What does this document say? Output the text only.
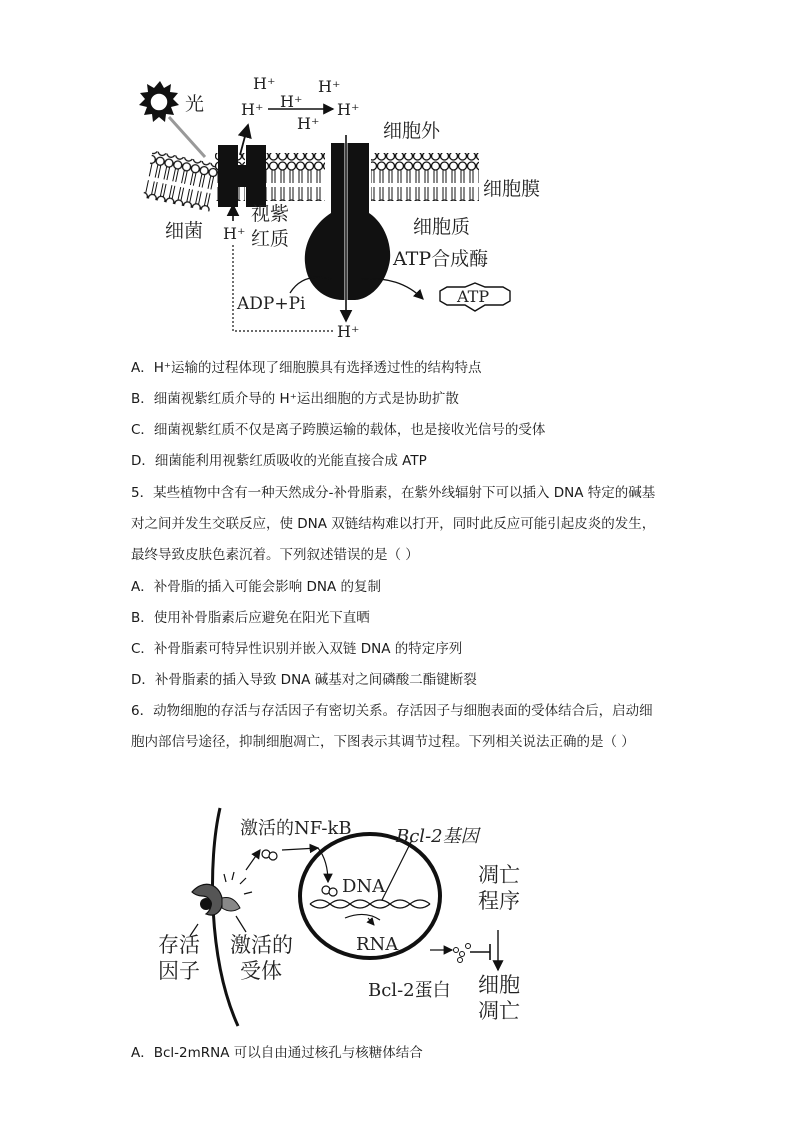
光
H⁺	H⁺
H⁺ H⁺
H⁺
H⁺
细胞外
细胞膜
细胞质
ATP合成酶
细菌 H⁺
视紫
红质
ADP+Pi	ATP
H⁺
A．H⁺运输的过程体现了细胞膜具有选择透过性的结构特点
B．细菌视紫红质介导的 H⁺运出细胞的方式是协助扩散
C．细菌视紫红质不仅是离子跨膜运输的载体，也是接收光信号的受体
D．细菌能利用视紫红质吸收的光能直接合成 ATP
5．某些植物中含有一种天然成分-补骨脂素，在紫外线辐射下可以插入 DNA 特定的碱基对之间并发生交联反应，使 DNA 双链结构难以打开，同时此反应可能引起皮炎的发生，最终导致皮肤色素沉着。下列叙述错误的是（ ）
A．补骨脂的插入可能会影响 DNA 的复制
B．使用补骨脂素后应避免在阳光下直晒
C．补骨脂素可特异性识别并嵌入双链 DNA 的特定序列
D．补骨脂素的插入导致 DNA 碱基对之间磷酸二酯键断裂
6．动物细胞的存活与存活因子有密切关系。存活因子与细胞表面的受体结合后，启动细胞内部信号途径，抑制细胞凋亡，下图表示其调节过程。下列相关说法正确的是（ ）
激活的NF-kB Bcl-2基因
DNA
RNA
存活
因子
激活的
受体
Bcl-2蛋白
凋亡
程序
细胞
凋亡
A．Bcl-2mRNA 可以自由通过核孔与核糖体结合
